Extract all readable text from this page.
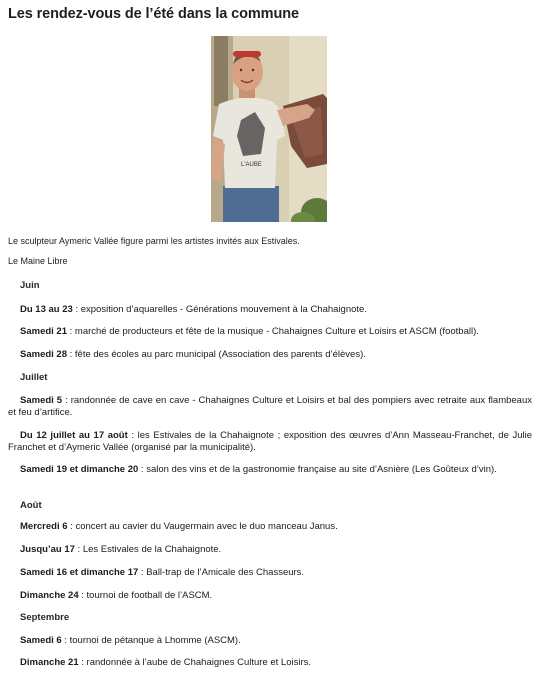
Les rendez-vous de l’été dans la commune
L'AUBE
Le sculpteur Aymeric Vallée figure parmi les artistes invités aux Estivales.
Le Maine Libre
Juin
Du 13 au 23 : exposition d’aquarelles - Générations mouvement à la Chahaignote.
Samedi 21 : marché de producteurs et fête de la musique - Chahaignes Culture et Loisirs et ASCM (football).
Samedi 28 : fête des écoles au parc municipal (Association des parents d’élèves).
Juillet
Samedi 5 : randonnée de cave en cave - Chahaignes Culture et Loisirs et bal des pompiers avec retraite aux flambeaux et feu d’artifice.
Du 12 juillet au 17 août : les Estivales de la Chahaignote ; exposition des œuvres d’Ann Masseau-Franchet, de Julie Franchet et d’Aymeric Vallée (organisé par la municipalité).
Samedi 19 et dimanche 20 : salon des vins et de la gastronomie française au site d’Asnière (Les Goûteux d’vin).
Août
Mercredi 6 : concert au cavier du Vaugermain avec le duo manceau Janus.
Jusqu’au 17 : Les Estivales de la Chahaignote.
Samedi 16 et dimanche 17 : Ball-trap de l’Amicale des Chasseurs.
Dimanche 24 : tournoi de football de l’ASCM.
Septembre
Samedi 6 : tournoi de pétanque à Lhomme (ASCM).
Dimanche 21 : randonnée à l’aube de Chahaignes Culture et Loisirs.
